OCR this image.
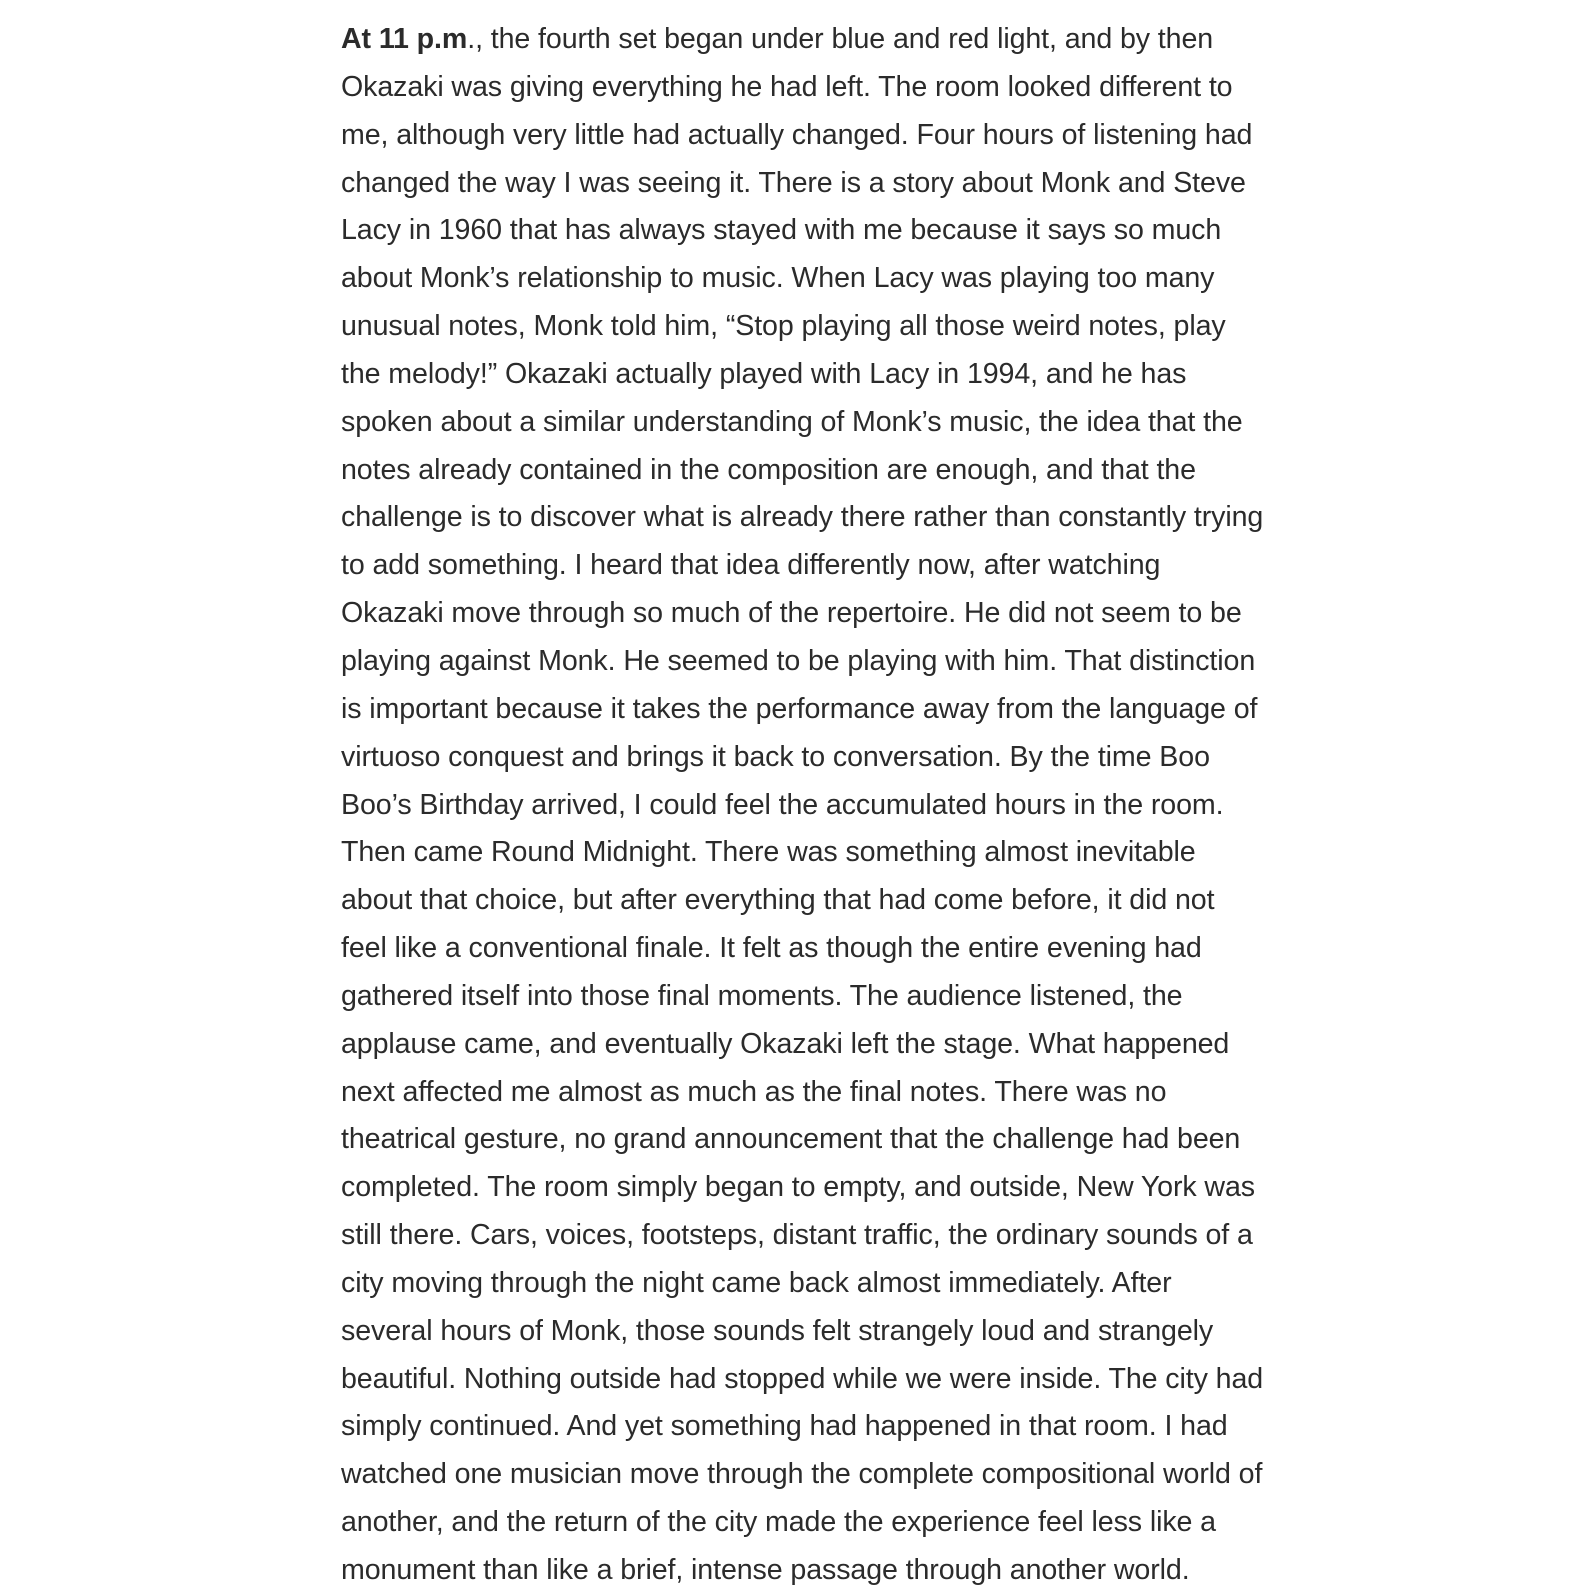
At 11 p.m., the fourth set began under blue and red light, and by then
Okazaki was giving everything he had left. The room looked different to
me, although very little had actually changed. Four hours of listening had
changed the way I was seeing it. There is a story about Monk and Steve
Lacy in 1960 that has always stayed with me because it says so much
about Monk’s relationship to music. When Lacy was playing too many
unusual notes, Monk told him, “Stop playing all those weird notes, play
the melody!” Okazaki actually played with Lacy in 1994, and he has
spoken about a similar understanding of Monk’s music, the idea that the
notes already contained in the composition are enough, and that the
challenge is to discover what is already there rather than constantly trying
to add something. I heard that idea differently now, after watching
Okazaki move through so much of the repertoire. He did not seem to be
playing against Monk. He seemed to be playing with him. That distinction
is important because it takes the performance away from the language of
virtuoso conquest and brings it back to conversation. By the time Boo
Boo’s Birthday arrived, I could feel the accumulated hours in the room.
Then came Round Midnight. There was something almost inevitable
about that choice, but after everything that had come before, it did not
feel like a conventional finale. It felt as though the entire evening had
gathered itself into those final moments. The audience listened, the
applause came, and eventually Okazaki left the stage. What happened
next affected me almost as much as the final notes. There was no
theatrical gesture, no grand announcement that the challenge had been
completed. The room simply began to empty, and outside, New York was
still there. Cars, voices, footsteps, distant traffic, the ordinary sounds of a
city moving through the night came back almost immediately. After
several hours of Monk, those sounds felt strangely loud and strangely
beautiful. Nothing outside had stopped while we were inside. The city had
simply continued. And yet something had happened in that room. I had
watched one musician move through the complete compositional world of
another, and the return of the city made the experience feel less like a
monument than like a brief, intense passage through another world.
